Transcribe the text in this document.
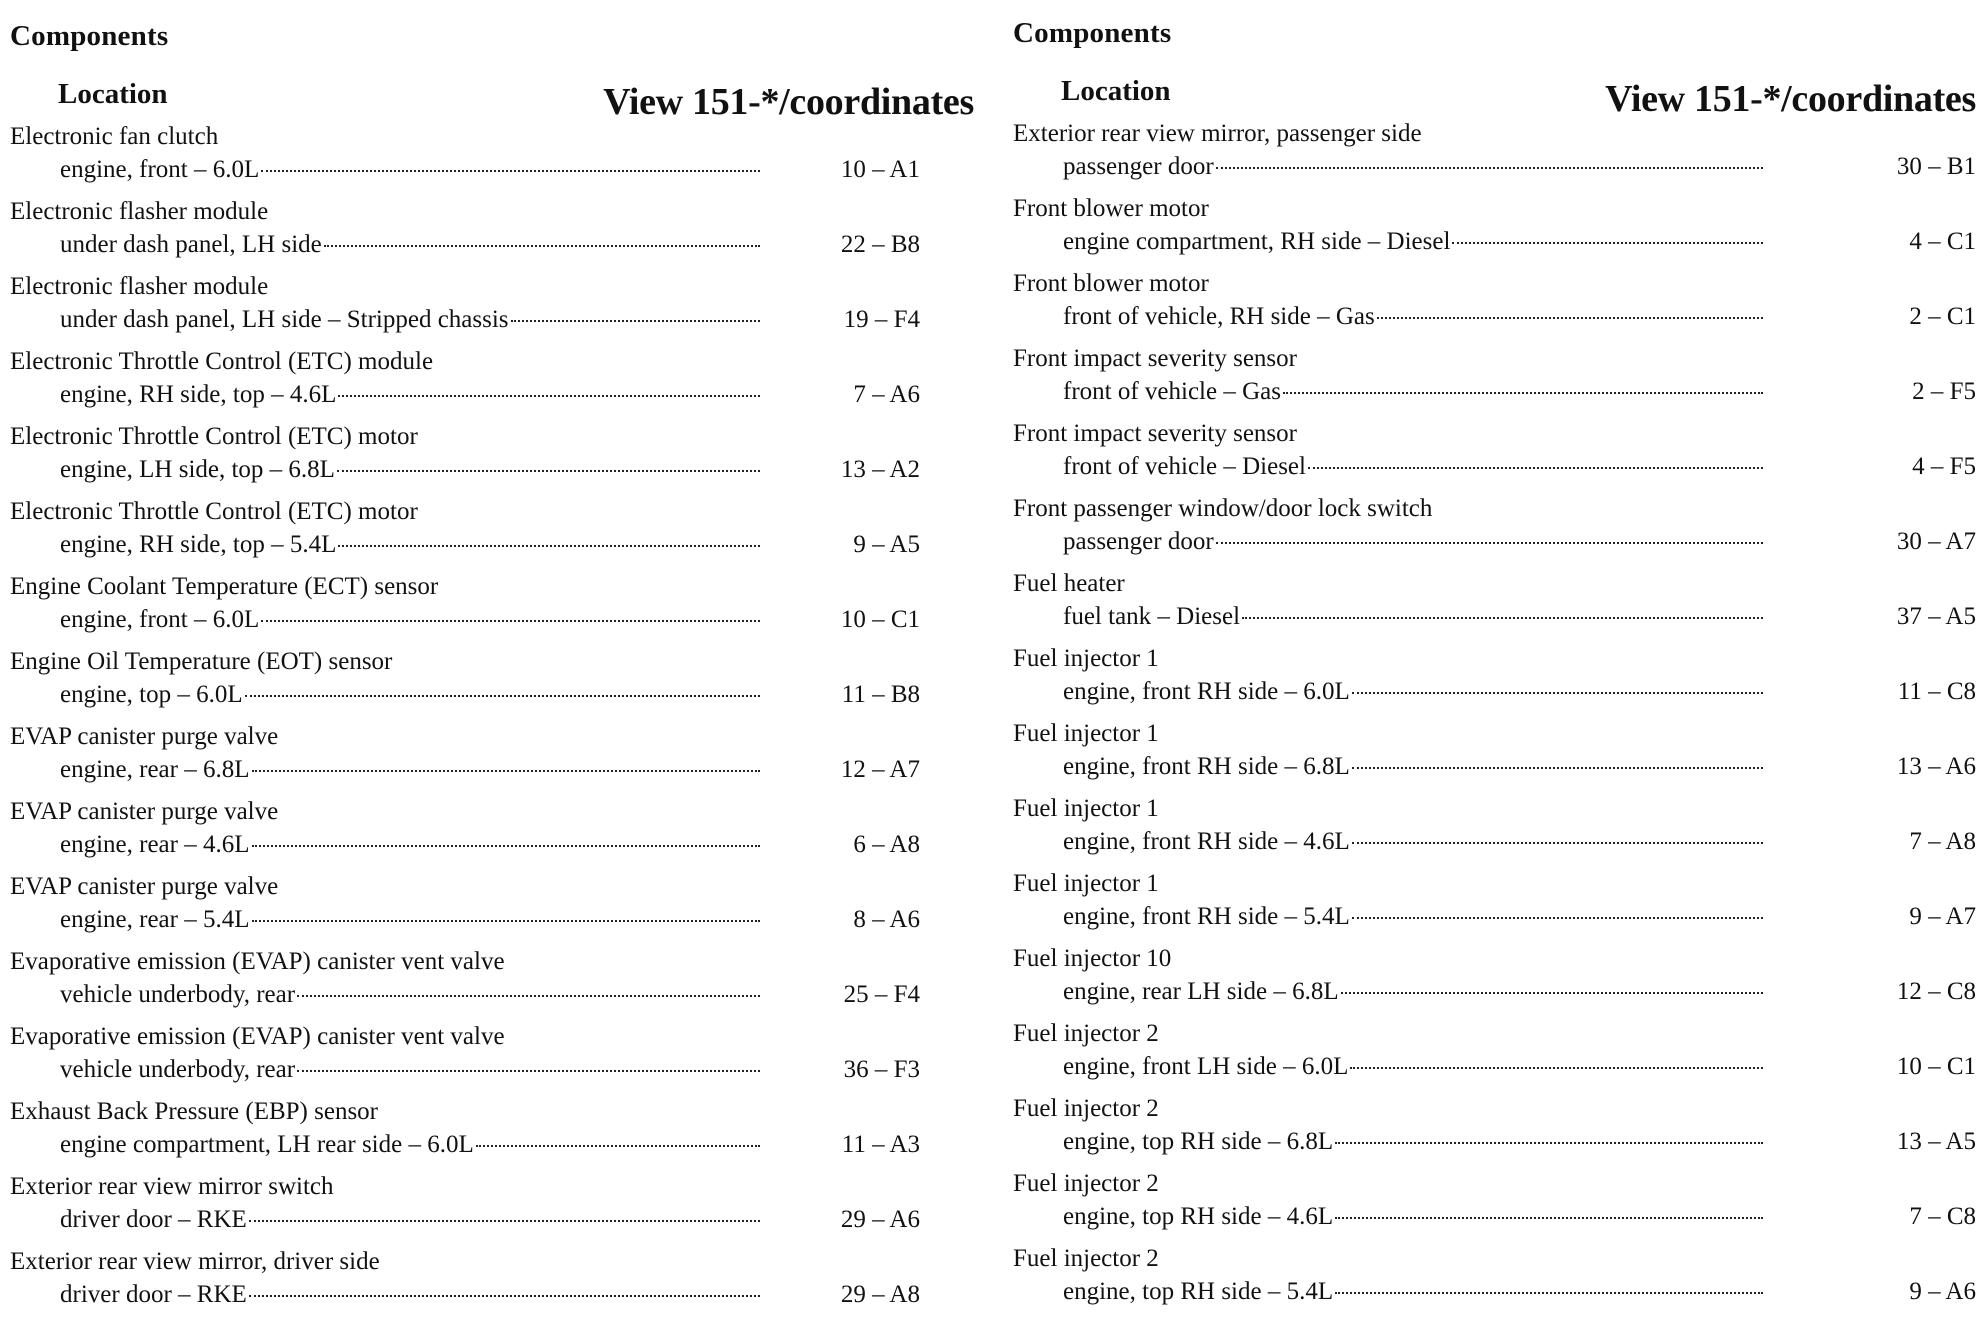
Components
Location	View 151-*/coordinates
Electronic fan clutch
engine, front – 6.0L	10 – A1
Electronic flasher module
under dash panel, LH side	22 – B8
Electronic flasher module
under dash panel, LH side – Stripped chassis	19 – F4
Electronic Throttle Control (ETC) module
engine, RH side, top – 4.6L	7 – A6
Electronic Throttle Control (ETC) motor
engine, LH side, top – 6.8L	13 – A2
Electronic Throttle Control (ETC) motor
engine, RH side, top – 5.4L	9 – A5
Engine Coolant Temperature (ECT) sensor
engine, front – 6.0L	10 – C1
Engine Oil Temperature (EOT) sensor
engine, top – 6.0L	11 – B8
EVAP canister purge valve
engine, rear – 6.8L	12 – A7
EVAP canister purge valve
engine, rear – 4.6L	6 – A8
EVAP canister purge valve
engine, rear – 5.4L	8 – A6
Evaporative emission (EVAP) canister vent valve
vehicle underbody, rear	25 – F4
Evaporative emission (EVAP) canister vent valve
vehicle underbody, rear	36 – F3
Exhaust Back Pressure (EBP) sensor
engine compartment, LH rear side – 6.0L	11 – A3
Exterior rear view mirror switch
driver door – RKE	29 – A6
Exterior rear view mirror, driver side
driver door – RKE	29 – A8
Components
Location	View 151-*/coordinates
Exterior rear view mirror, passenger side
passenger door	30 – B1
Front blower motor
engine compartment, RH side – Diesel	4 – C1
Front blower motor
front of vehicle, RH side – Gas	2 – C1
Front impact severity sensor
front of vehicle – Gas	2 – F5
Front impact severity sensor
front of vehicle – Diesel	4 – F5
Front passenger window/door lock switch
passenger door	30 – A7
Fuel heater
fuel tank – Diesel	37 – A5
Fuel injector 1
engine, front RH side – 6.0L	11 – C8
Fuel injector 1
engine, front RH side – 6.8L	13 – A6
Fuel injector 1
engine, front RH side – 4.6L	7 – A8
Fuel injector 1
engine, front RH side – 5.4L	9 – A7
Fuel injector 10
engine, rear LH side – 6.8L	12 – C8
Fuel injector 2
engine, front LH side – 6.0L	10 – C1
Fuel injector 2
engine, top RH side – 6.8L	13 – A5
Fuel injector 2
engine, top RH side – 4.6L	7 – C8
Fuel injector 2
engine, top RH side – 5.4L	9 – A6
